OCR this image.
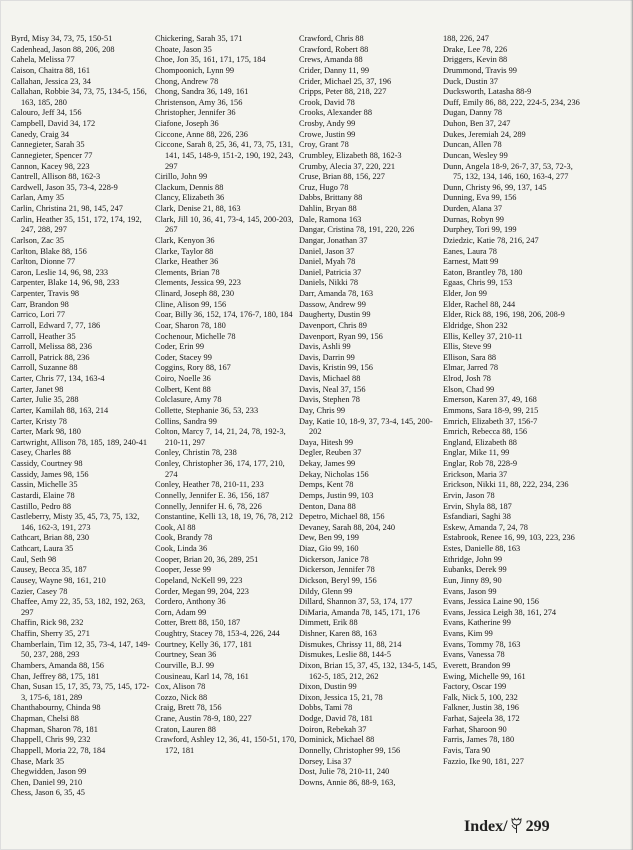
Byrd, Misy 34, 73, 75, 150-51
Cadenhead, Jason 88, 206, 208
Cahela, Melissa 77
Caison, Chaitra 88, 161
Callahan, Jessica 23, 34
Callahan, Robbie 34, 73, 75, 134-5, 156, 163, 185, 280
Calouro, Jeff 34, 156
Campbell, David 34, 172
Canedy, Craig 34
Cannegieter, Sarah 35
Cannegieter, Spencer 77
Cannon, Kacey 98, 223
Cantrell, Allison 88, 162-3
Cardwell, Jason 35, 73-4, 228-9
Carlan, Amy 35
Carlin, Christina 21, 98, 145, 247
Carlin, Heather 35, 151, 172, 174, 192, 247, 288, 297
Carlson, Zac 35
Carlton, Blake 88, 156
Carlton, Dionne 77
Caron, Leslie 14, 96, 98, 233
Carpenter, Blake 14, 96, 98, 233
Carpenter, Travis 98
Carr, Brandon 98
Carrico, Lori 77
Carroll, Edward 7, 77, 186
Carroll, Heather 35
Carroll, Melissa 88, 236
Carroll, Patrick 88, 236
Carroll, Suzanne 88
Carter, Chris 77, 134, 163-4
Carter, Janet 98
Carter, Julie 35, 288
Carter, Kamilah 88, 163, 214
Carter, Kristy 78
Carter, Mark 98, 180
Cartwright, Allison 78, 185, 189, 240-41
Casey, Charles 88
Cassidy, Courtney 98
Cassidy, James 98, 156
Cassin, Michelle 35
Castardi, Elaine 78
Castillo, Pedro 88
Castleberry, Misty 35, 45, 73, 75, 132, 146, 162-3, 191, 273
Cathcart, Brian 88, 230
Cathcart, Laura 35
Caul, Seth 98
Causey, Becca 35, 187
Causey, Wayne 98, 161, 210
Cazier, Casey 78
Chaffee, Amy 22, 35, 53, 182, 192, 263, 297
Chaffin, Rick 98, 232
Chaffin, Sherry 35, 271
Chamberlain, Tim 12, 35, 73-4, 147, 149-50, 237, 288, 293
Chambers, Amanda 88, 156
Chan, Jeffrey 88, 175, 181
Chan, Susan 15, 17, 35, 73, 75, 145, 172-3, 175-6, 181, 289
Chanthabourny, Chinda 98
Chapman, Chelsi 88
Chapman, Sharon 78, 181
Chappell, Chris 99, 232
Chappell, Moria 22, 78, 184
Chase, Mark 35
Chegwidden, Jason 99
Chen, Daniel 99, 210
Chess, Jason 6, 35, 45
Chickering, Sarah 35, 171
Choate, Jason 35
Choe, Jon 35, 161, 171, 175, 184
Chompoonich, Lynn 99
Chong, Andrew 78
Chong, Sandra 36, 149, 161
Christenson, Amy 36, 156
Christopher, Jennifer 36
Ciafone, Joseph 36
Ciccone, Anne 88, 226, 236
Ciccone, Sarah 8, 25, 36, 41, 73, 75, 131, 141, 145, 148-9, 151-2, 190, 192, 243, 297
Cirillo, John 99
Clackum, Dennis 88
Clancy, Elizabeth 36
Clark, Denise 21, 88, 163
Clark, Jill 10, 36, 41, 73-4, 145, 200-203, 267
Clark, Kenyon 36
Clarke, Taylor 88
Clarke, Heather 36
Clements, Brian 78
Clements, Jessica 99, 223
Clinard, Joseph 88, 230
Cline, Alison 99, 156
Coar, Billy 36, 152, 174, 176-7, 180, 184
Coar, Sharon 78, 180
Cochenour, Michelle 78
Coder, Erin 99
Coder, Stacey 99
Coggins, Rory 88, 167
Coiro, Noelle 36
Colbert, Kent 88
Colclasure, Amy 78
Collette, Stephanie 36, 53, 233
Collins, Sandra 99
Colton, Marcy 7, 14, 21, 24, 78, 192-3, 210-11, 297
Conley, Christin 78, 238
Conley, Christopher 36, 174, 177, 210, 274
Conley, Heather 78, 210-11, 233
Connelly, Jennifer E. 36, 156, 187
Connelly, Jennifer H. 6, 78, 226
Constantine, Kelli 13, 18, 19, 76, 78, 212
Cook, Al 88
Cook, Brandy 78
Cook, Linda 36
Cooper, Brian 20, 36, 289, 251
Cooper, Jesse 99
Copeland, NcKell 99, 223
Corder, Megan 99, 204, 223
Cordero, Anthony 36
Corn, Adam 99
Cotter, Brett 88, 150, 187
Coughtry, Stacey 78, 153-4, 226, 244
Courtney, Kelly 36, 177, 181
Courtney, Sean 36
Courville, B.J. 99
Cousineau, Karl 14, 78, 161
Cox, Alison 78
Cozzo, Nick 88
Craig, Brett 78, 156
Crane, Austin 78-9, 180, 227
Craton, Lauren 88
Crawford, Ashley 12, 36, 41, 150-51, 170, 172, 181
Crawford, Chris 88
Crawford, Robert 88
Crews, Amanda 88
Crider, Danny 11, 99
Crider, Michael 25, 37, 196
Cripps, Peter 88, 218, 227
Crook, David 78
Crooks, Alexander 88
Crosby, Andy 99
Crowe, Justin 99
Croy, Grant 78
Crumbley, Elizabeth 88, 162-3
Crumby, Alecia 37, 220, 221
Cruse, Brian 88, 156, 227
Cruz, Hugo 78
Dabbs, Brittany 88
Dahlin, Bryan 88
Dale, Ramona 163
Dangar, Cristina 78, 191, 220, 226
Dangar, Jonathan 37
Daniel, Jason 37
Daniel, Myah 78
Daniel, Patricia 37
Daniels, Nikki 78
Darr, Amanda 78, 163
Dassow, Andrew 99
Daugherty, Dustin 99
Davenport, Chris 89
Davenport, Ryan 99, 156
Davis, Ashli 99
Davis, Darrin 99
Davis, Kristin 99, 156
Davis, Michael 88
Davis, Neal 37, 156
Davis, Stephen 78
Day, Chris 99
Day, Katie 10, 18-9, 37, 73-4, 145, 200-202
Daya, Hitesh 99
Degler, Reuben 37
Dekay, James 99
Dekay, Nicholas 156
Demps, Kent 78
Demps, Justin 99, 103
Denton, Dana 88
Depetro, Michael 88, 156
Devaney, Sarah 88, 204, 240
Dew, Ben 99, 199
Diaz, Gio 99, 160
Dickerson, Janice 78
Dickerson, Jennifer 78
Dickson, Beryl 99, 156
Dildy, Glenn 99
Dillard, Shannon 37, 53, 174, 177
DiMaria, Amanda 78, 145, 171, 176
Dimmett, Erik 88
Dishner, Karen 88, 163
Dismukes, Chrissy 11, 88, 214
Dismukes, Leslie 88, 144-5
Dixon, Brian 15, 37, 45, 132, 134-5, 145, 162-5, 185, 212, 262
Dixon, Dustin 99
Dixon, Jessica 15, 21, 78
Dobbs, Tami 78
Dodge, David 78, 181
Doiron, Rebekah 37
Dominick, Michael 88
Donnelly, Christopher 99, 156
Dorsey, Lisa 37
Dost, Julie 78, 210-11, 240
Downs, Annie 86, 88-9, 163,
188, 226, 247
Drake, Lee 78, 226
Driggers, Kevin 88
Drummond, Travis 99
Duck, Dustin 37
Ducksworth, Latasha 88-9
Duff, Emily 86, 88, 222, 224-5, 234, 236
Dugan, Danny 78
Duhon, Ben 37, 247
Dukes, Jeremiah 24, 289
Duncan, Allen 78
Duncan, Wesley 99
Dunn, Angela 18-9, 26-7, 37, 53, 72-3, 75, 132, 134, 146, 160, 163-4, 277
Dunn, Christy 96, 99, 137, 145
Dunning, Eva 99, 156
Durden, Alana 37
Durnas, Robyn 99
Durphey, Tori 99, 199
Dziedzic, Katie 78, 216, 247
Eanes, Laura 78
Earnest, Matt 99
Eaton, Brantley 78, 180
Egaas, Chris 99, 153
Elder, Jon 99
Elder, Rachel 88, 244
Elder, Rick 88, 196, 198, 206, 208-9
Eldridge, Shon 232
Ellis, Kelley 37, 210-11
Ellis, Steve 99
Ellison, Sara 88
Elmar, Jarred 78
Elrod, Josh 78
Elson, Chad 99
Emerson, Karen 37, 49, 168
Emmons, Sara 18-9, 99, 215
Emrich, Elizabeth 37, 156-7
Emrich, Rebecca 88, 156
England, Elizabeth 88
Englar, Mike 11, 99
Englar, Rob 78, 228-9
Erickson, Maria 37
Erickson, Nikki 11, 88, 222, 234, 236
Ervin, Jason 78
Ervin, Shyla 88, 187
Esfandiari, Saghi 38
Eskew, Amanda 7, 24, 78
Estabrook, Renee 16, 99, 103, 223, 236
Estes, Danielle 88, 163
Ethridge, John 99
Eubanks, Derek 99
Eun, Jinny 89, 90
Evans, Jason 99
Evans, Jessica Laine 90, 156
Evans, Jessica Leigh 38, 161, 274
Evans, Katherine 99
Evans, Kim 99
Evans, Tommy 78, 163
Evans, Vanessa 78
Everett, Brandon 99
Ewing, Michelle 99, 161
Factory, Oscar 199
Falk, Nick 5, 100, 232
Falkner, Justin 38, 196
Farhat, Sajeela 38, 172
Farhat, Sharoon 90
Farris, James 78, 180
Favis, Tara 90
Fazzio, Ike 90, 181, 227
Index/ 299
